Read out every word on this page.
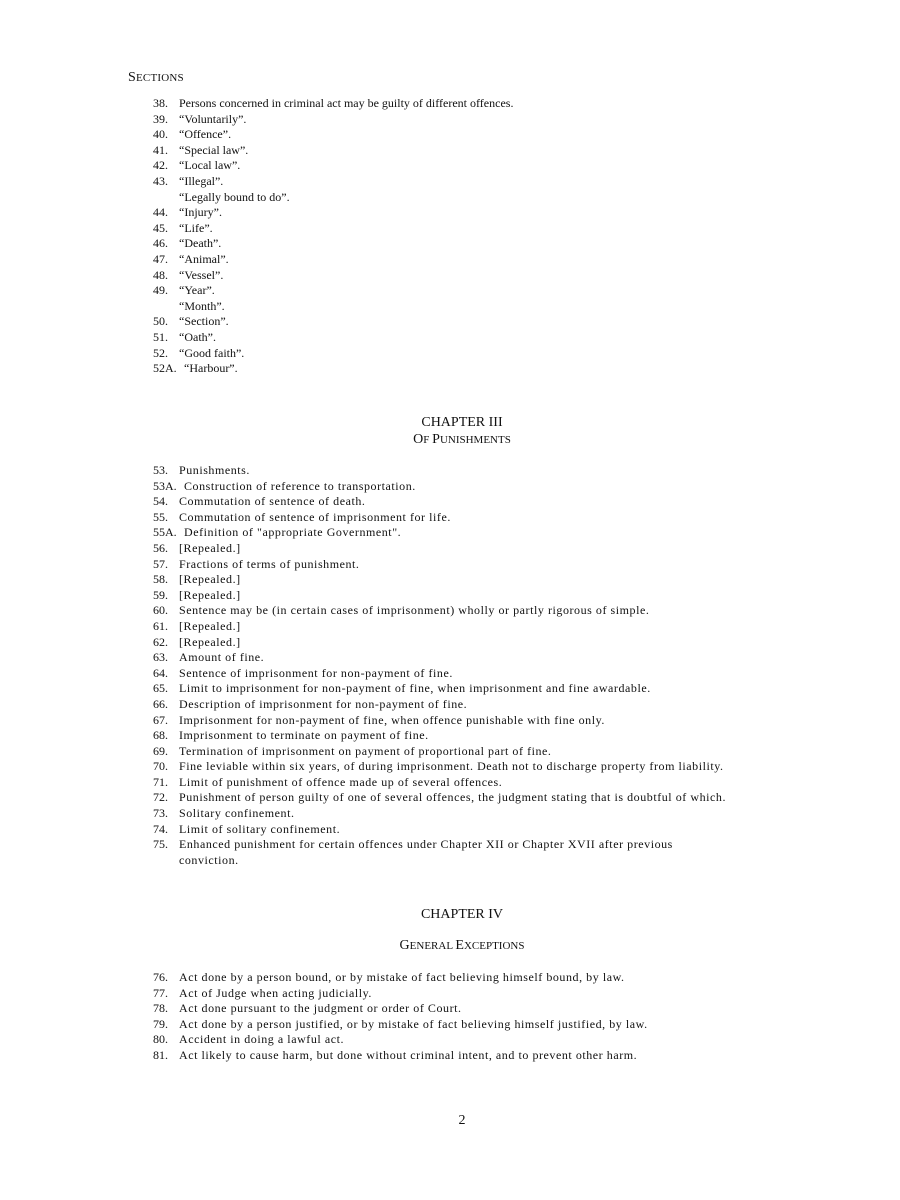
SECTIONS
38. Persons concerned in criminal act may be guilty of different offences.
39. “Voluntarily”.
40. “Offence”.
41. “Special law”.
42. “Local law”.
43. “Illegal”.
“Legally bound to do”.
44. “Injury”.
45. “Life”.
46. “Death”.
47. “Animal”.
48. “Vessel”.
49. “Year”.
“Month”.
50. “Section”.
51. “Oath”.
52. “Good faith”.
52A. “Harbour”.
CHAPTER III
OF PUNISHMENTS
53. Punishments.
53A. Construction of reference to transportation.
54. Commutation of sentence of death.
55. Commutation of sentence of imprisonment for life.
55A. Definition of "appropriate Government".
56. [Repealed.]
57. Fractions of terms of punishment.
58. [Repealed.]
59. [Repealed.]
60. Sentence may be (in certain cases of imprisonment) wholly or partly rigorous of simple.
61. [Repealed.]
62. [Repealed.]
63. Amount of fine.
64. Sentence of imprisonment for non-payment of fine.
65. Limit to imprisonment for non-payment of fine, when imprisonment and fine awardable.
66. Description of imprisonment for non-payment of fine.
67. Imprisonment for non-payment of fine, when offence punishable with fine only.
68. Imprisonment to terminate on payment of fine.
69. Termination of imprisonment on payment of proportional part of fine.
70. Fine leviable within six years, of during imprisonment. Death not to discharge property from liability.
71. Limit of punishment of offence made up of several offences.
72. Punishment of person guilty of one of several offences, the judgment stating that is doubtful of which.
73. Solitary confinement.
74. Limit of solitary confinement.
75. Enhanced punishment for certain offences under Chapter XII or Chapter XVII after previous
conviction.
CHAPTER IV
GENERAL EXCEPTIONS
76. Act done by a person bound, or by mistake of fact believing himself bound, by law.
77. Act of Judge when acting judicially.
78. Act done pursuant to the judgment or order of Court.
79. Act done by a person justified, or by mistake of fact believing himself justified, by law.
80. Accident in doing a lawful act.
81. Act likely to cause harm, but done without criminal intent, and to prevent other harm.
2
